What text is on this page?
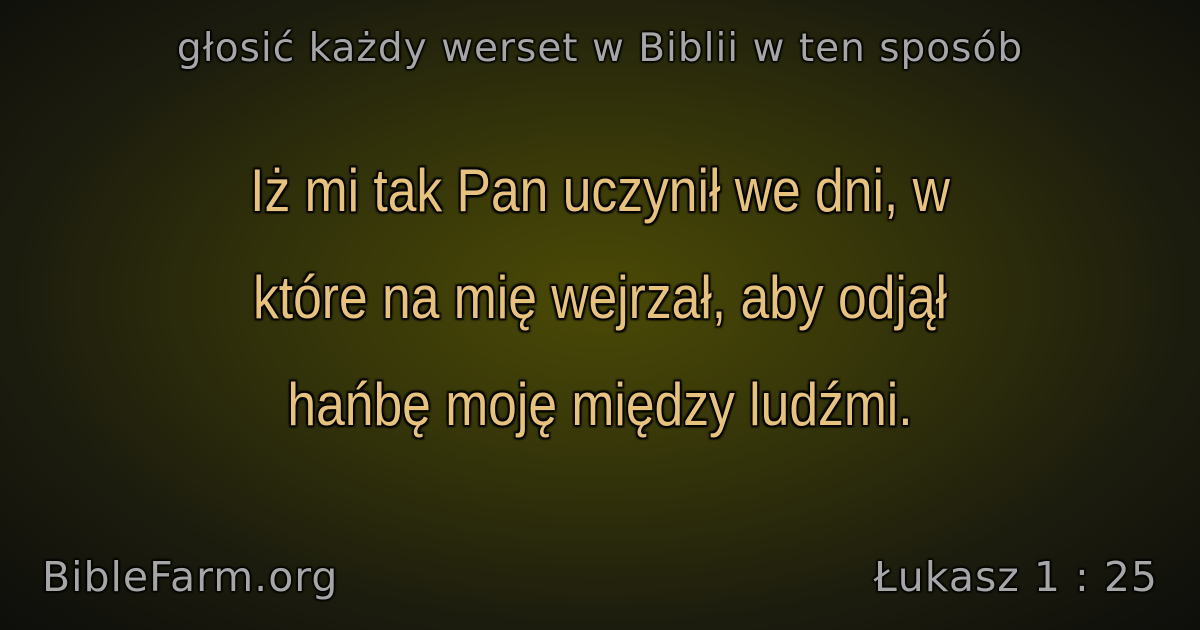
głosić każdy werset w Biblii w ten sposób
Iż mi tak Pan uczynił we dni, w
które na mię wejrzał, aby odjął
hańbę moję między ludźmi.
BibleFarm.org	Łukasz 1 : 25
